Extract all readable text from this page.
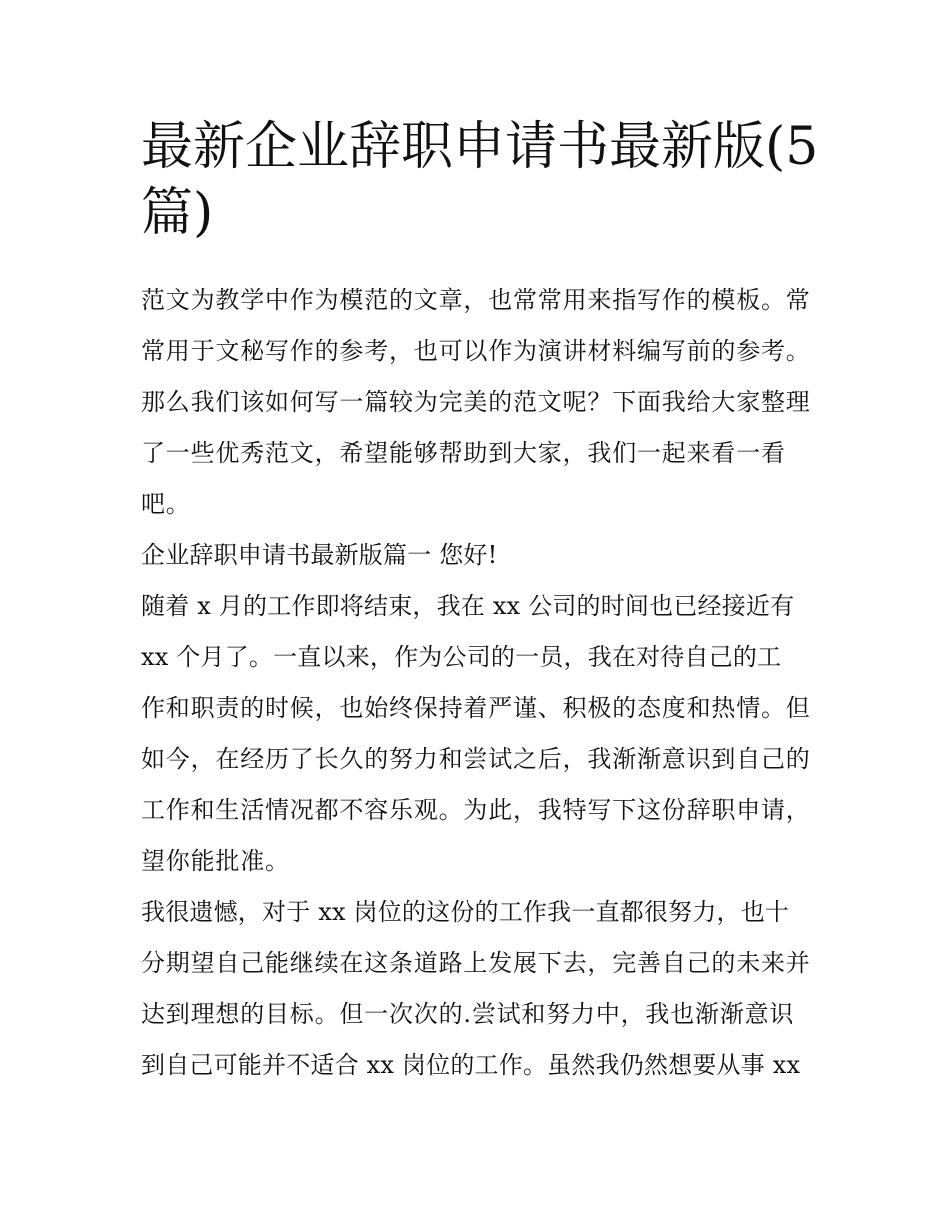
最新企业辞职申请书最新版(5
篇)
范文为教学中作为模范的文章，也常常用来指写作的模板。常
常用于文秘写作的参考，也可以作为演讲材料编写前的参考。
那么我们该如何写一篇较为完美的范文呢？下面我给大家整理
了一些优秀范文，希望能够帮助到大家，我们一起来看一看
吧。
企业辞职申请书最新版篇一 您好!
随着 x 月的工作即将结束，我在 xx 公司的时间也已经接近有
xx 个月了。一直以来，作为公司的一员，我在对待自己的工
作和职责的时候，也始终保持着严谨、积极的态度和热情。但
如今，在经历了长久的努力和尝试之后，我渐渐意识到自己的
工作和生活情况都不容乐观。为此，我特写下这份辞职申请，
望你能批准。
我很遗憾，对于 xx 岗位的这份的工作我一直都很努力，也十
分期望自己能继续在这条道路上发展下去，完善自己的未来并
达到理想的目标。但一次次的.尝试和努力中，我也渐渐意识
到自己可能并不适合 xx 岗位的工作。虽然我仍然想要从事 xx
